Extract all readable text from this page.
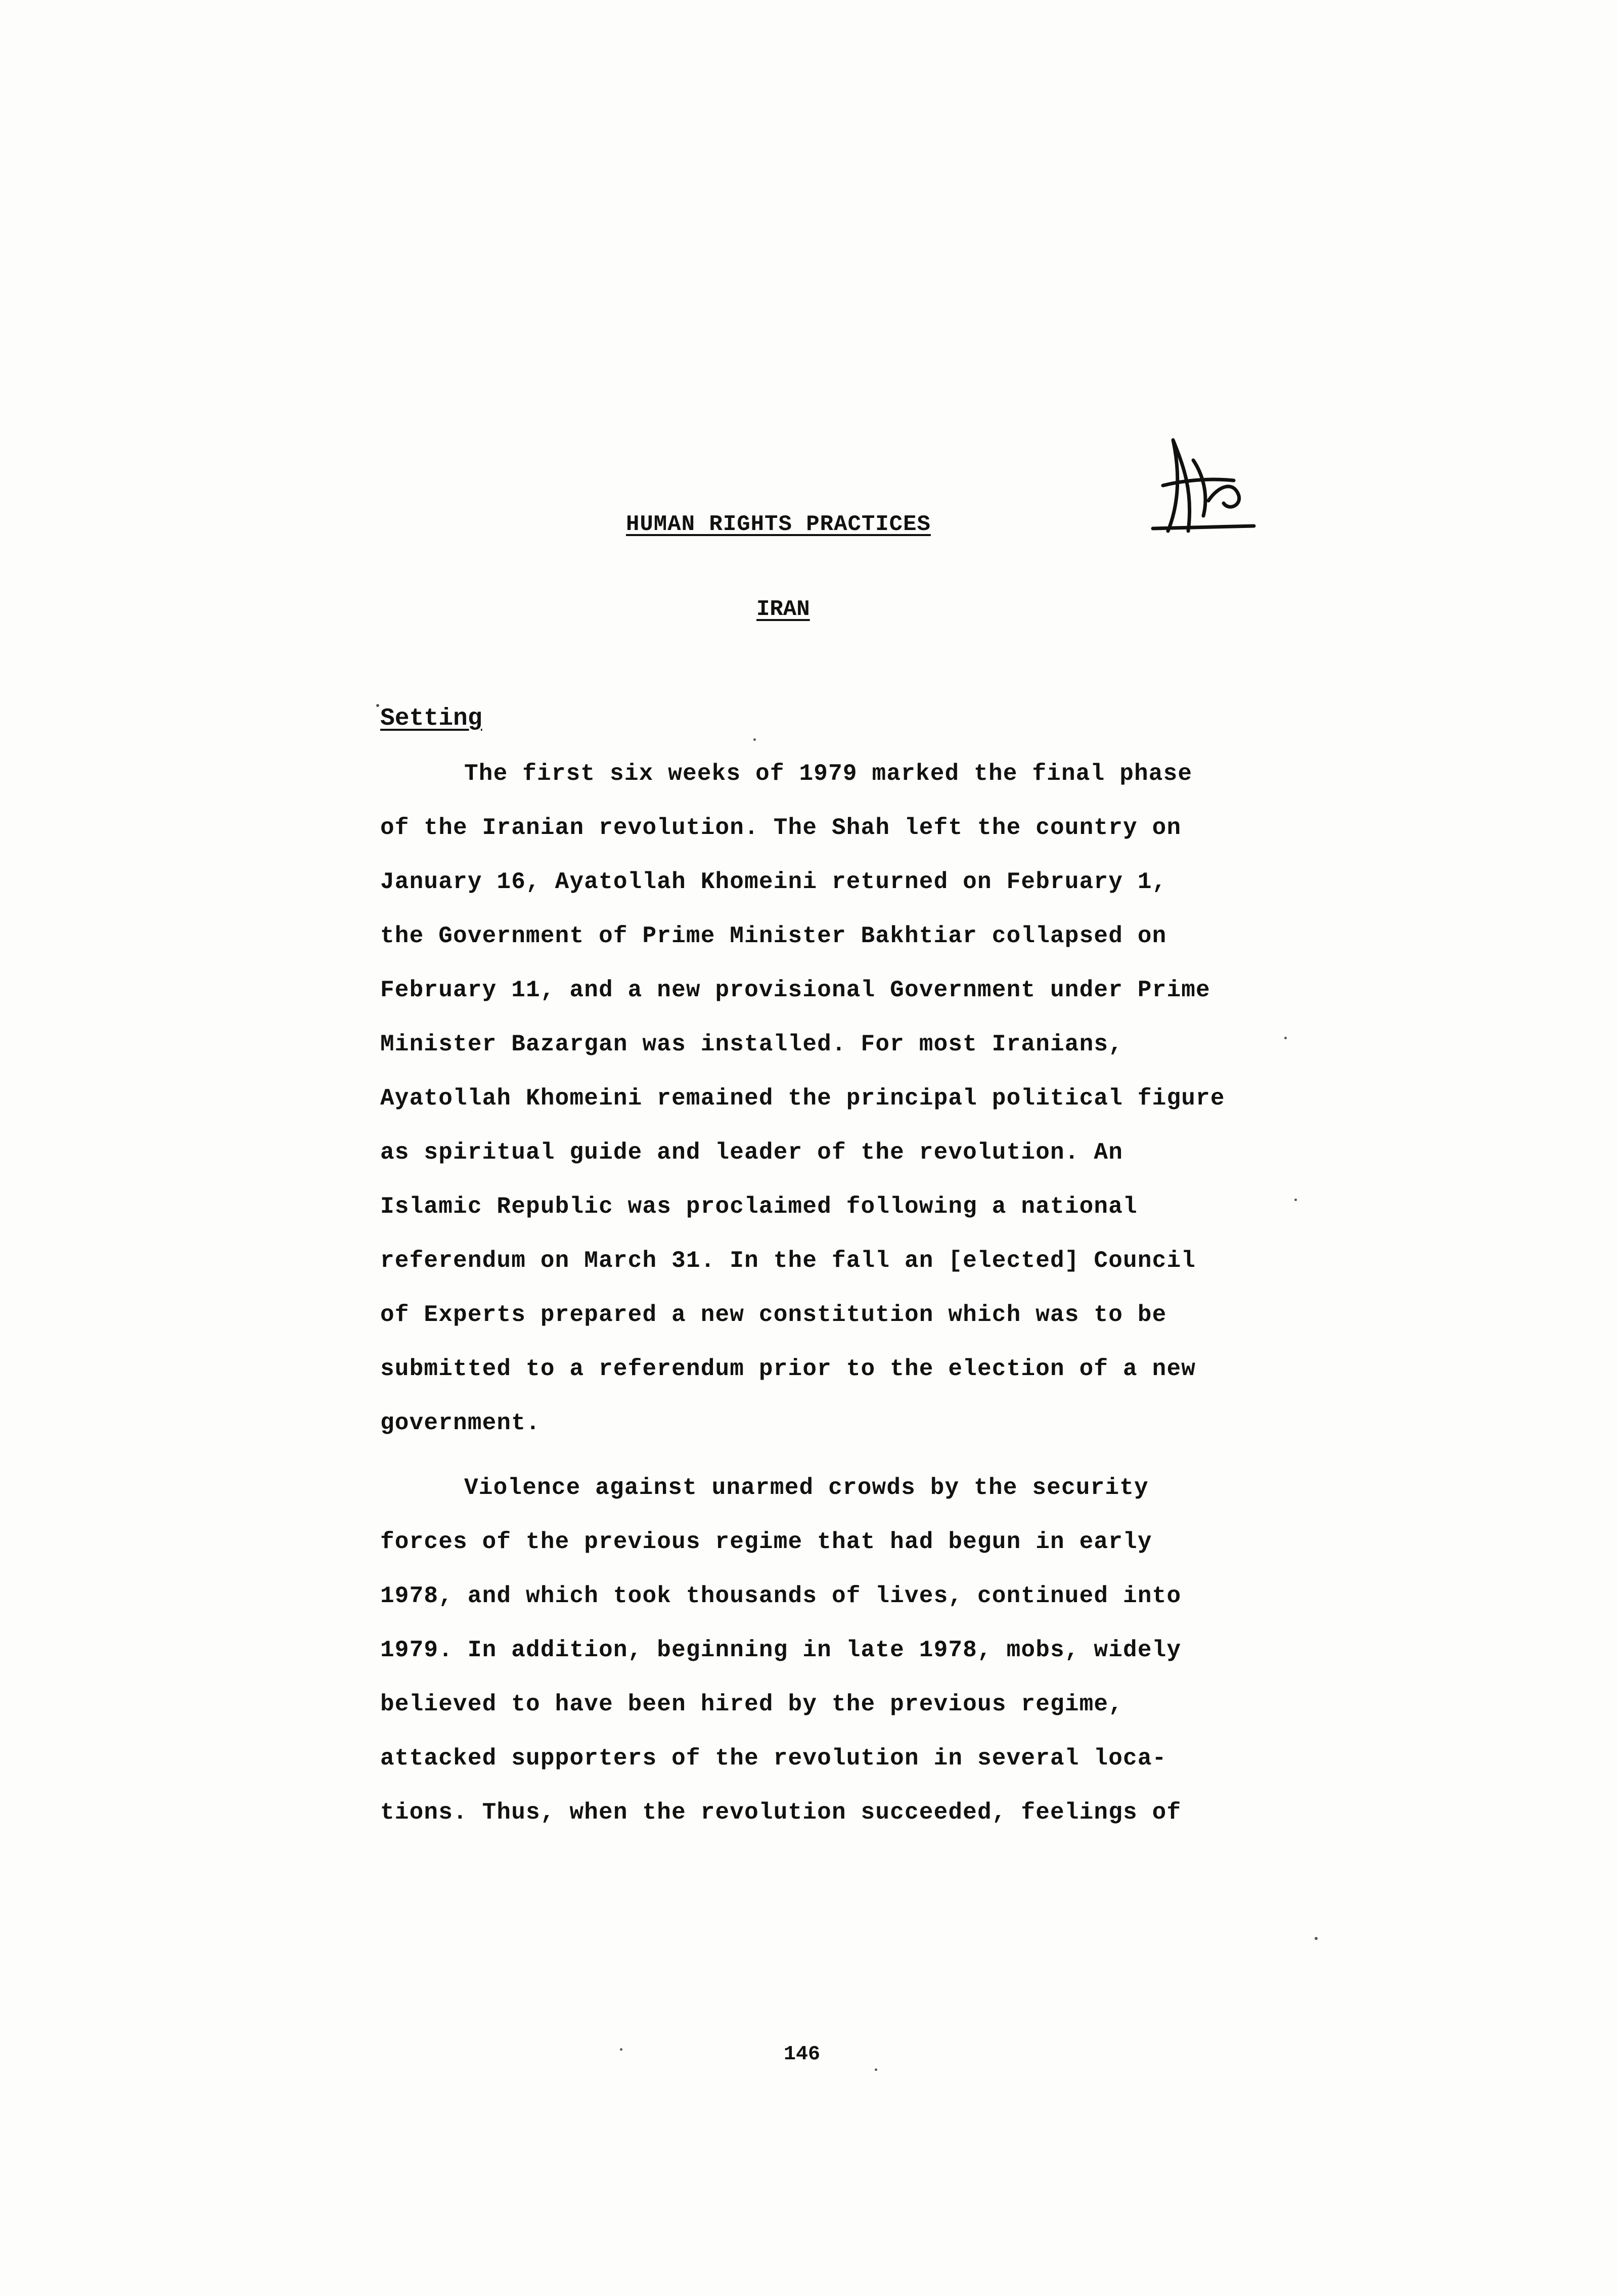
HUMAN RIGHTS PRACTICES
IRAN
Setting
The first six weeks of 1979 marked the final phase
of the Iranian revolution. The Shah left the country on
January 16, Ayatollah Khomeini returned on February 1,
the Government of Prime Minister Bakhtiar collapsed on
February 11, and a new provisional Government under Prime
Minister Bazargan was installed. For most Iranians,
Ayatollah Khomeini remained the principal political figure
as spiritual guide and leader of the revolution. An
Islamic Republic was proclaimed following a national
referendum on March 31. In the fall an [elected] Council
of Experts prepared a new constitution which was to be
submitted to a referendum prior to the election of a new
government.
Violence against unarmed crowds by the security
forces of the previous regime that had begun in early
1978, and which took thousands of lives, continued into
1979. In addition, beginning in late 1978, mobs, widely
believed to have been hired by the previous regime,
attacked supporters of the revolution in several loca-
tions. Thus, when the revolution succeeded, feelings of
146
